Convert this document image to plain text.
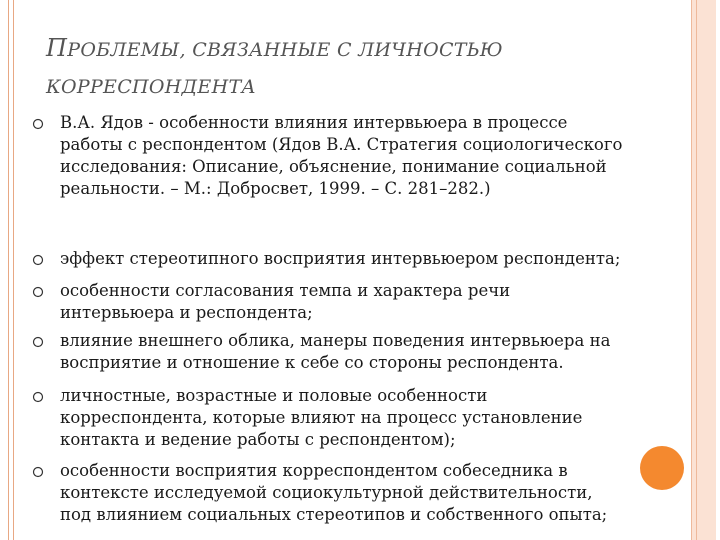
ПРОБЛЕМЫ, СВЯЗАННЫЕ С ЛИЧНОСТЬЮ
КОРРЕСПОНДЕНТА
В.А. Ядов - особенности влияния интервьюера в процессе
работы с респондентом (Ядов В.А. Стратегия социологического
исследования: Описание, объяснение, понимание социальной
реальности. – М.: Добросвет, 1999. – С. 281–282.)
эффект стереотипного восприятия интервьюером респондента;
особенности согласования темпа и характера речи
интервьюера и респондента;
влияние внешнего облика, манеры поведения интервьюера на
восприятие и отношение к себе со стороны респондента.
личностные, возрастные и половые особенности
корреспондента, которые влияют на процесс установление
контакта и ведение работы с респондентом);
особенности восприятия корреспондентом собеседника в
контексте исследуемой социокультурной действительности,
под влиянием социальных стереотипов и собственного опыта;
